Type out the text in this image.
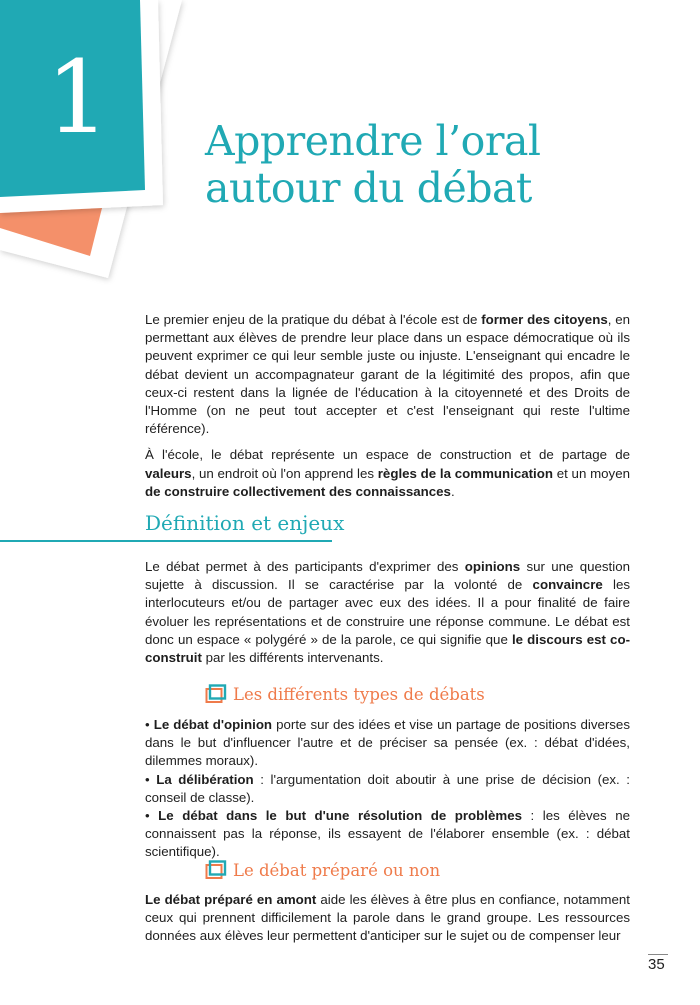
1 Apprendre l’oral
autour du débat

Le premier enjeu de la pratique du débat à l'école est de former des citoyens, en permettant aux élèves de prendre leur place dans un espace démocratique où ils peuvent exprimer ce qui leur semble juste ou injuste. L'enseignant qui encadre le débat devient un accompagnateur garant de la légitimité des propos, afin que ceux-ci restent dans la lignée de l'éducation à la citoyenneté et des Droits de l'Homme (on ne peut tout accepter et c'est l'enseignant qui reste l'ultime référence).

À l'école, le débat représente un espace de construction et de partage de valeurs, un endroit où l'on apprend les règles de la communication et un moyen de construire collectivement des connaissances.

Définition et enjeux

Le débat permet à des participants d'exprimer des opinions sur une question sujette à discussion. Il se caractérise par la volonté de convaincre les interlocuteurs et/ou de partager avec eux des idées. Il a pour finalité de faire évoluer les représentations et de construire une réponse commune. Le débat est donc un espace « polygéré » de la parole, ce qui signifie que le discours est co-construit par les différents intervenants.

Les différents types de débats

• Le débat d'opinion porte sur des idées et vise un partage de positions diverses dans le but d'influencer l'autre et de préciser sa pensée (ex. : débat d'idées, dilemmes moraux).

• La délibération : l'argumentation doit aboutir à une prise de décision (ex. : conseil de classe).

• Le débat dans le but d'une résolution de problèmes : les élèves ne connaissent pas la réponse, ils essayent de l'élaborer ensemble (ex. : débat scientifique).

Le débat préparé ou non

Le débat préparé en amont aide les élèves à être plus en confiance, notamment ceux qui prennent difficilement la parole dans le grand groupe. Les ressources données aux élèves leur permettent d'anticiper sur le sujet ou de compenser leur

35
